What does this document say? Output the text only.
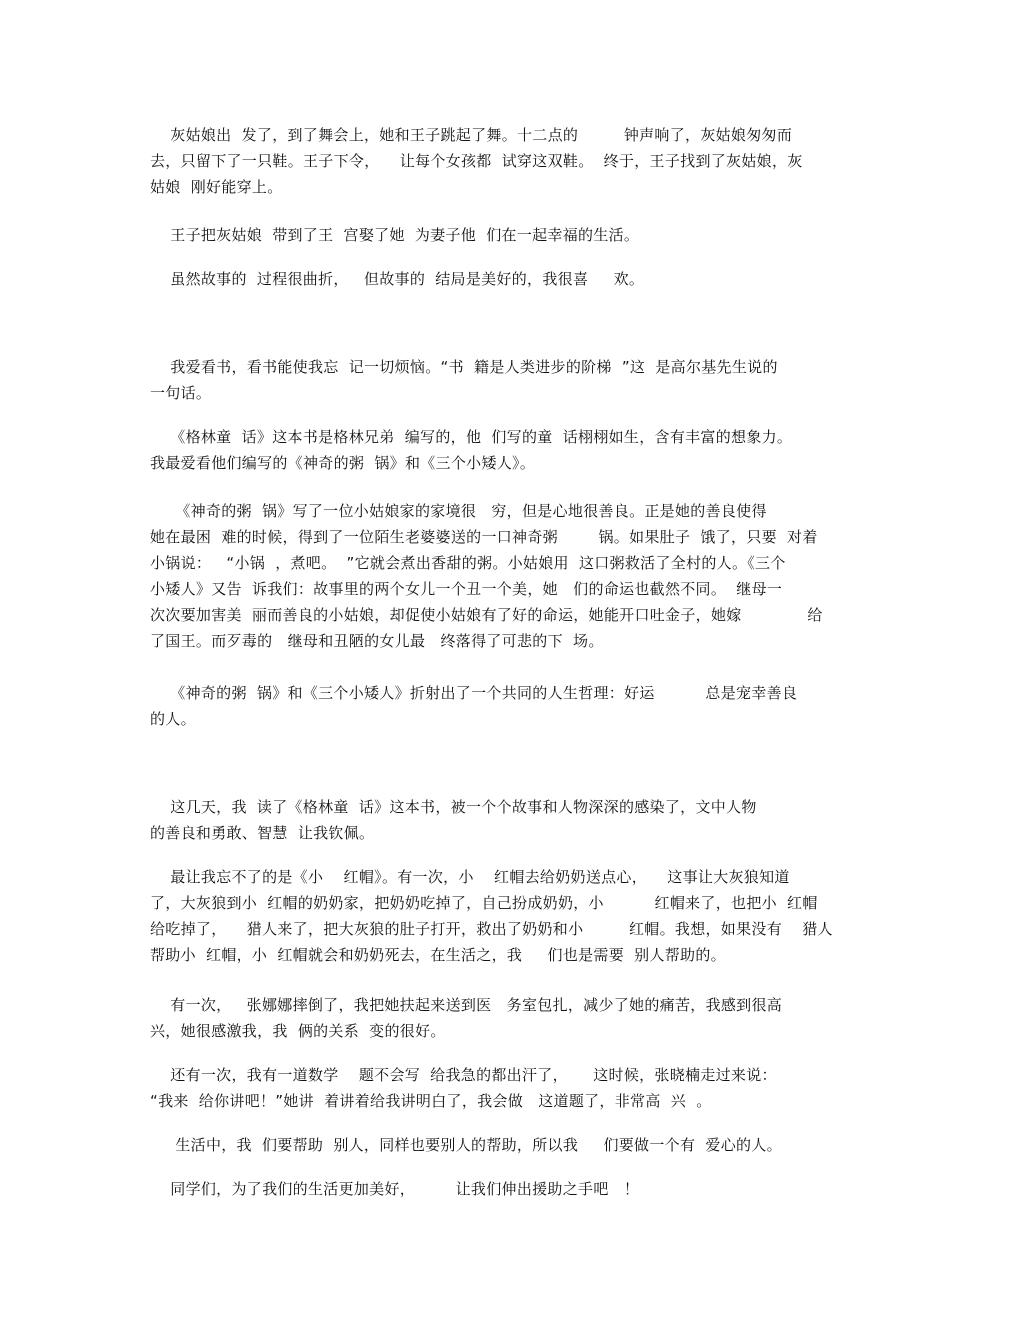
灰姑娘出  发了，到了舞会上，她和王子跳起了舞。十二点的         钟声响了，灰姑娘匆匆而
去，只留下了一只鞋。王子下令，    让每个女孩都  试穿这双鞋。  终于，王子找到了灰姑娘，灰
姑娘  刚好能穿上。
王子把灰姑娘  带到了王  宫娶了她  为妻子他  们在一起幸福的生活。
虽然故事的  过程很曲折，   但故事的  结局是美好的，我很喜     欢。
我爱看书，看书能使我忘  记一切烦恼。“书  籍是人类进步的阶梯  ”这  是高尔基先生说的
一句话。
《格林童  话》这本书是格林兄弟  编写的，他  们写的童  话栩栩如生，含有丰富的想象力。
我最爱看他们编写的《神奇的粥  锅》和《三个小矮人》。
《神奇的粥  锅》写了一位小姑娘家的家境很   穷，但是心地很善良。正是她的善良使得
她在最困  难的时候，得到了一位陌生老婆婆送的一口神奇粥        锅。如果肚子  饿了，只要  对着
小锅说：   “小锅  ，煮吧。  ”它就会煮出香甜的粥。小姑娘用  这口粥救活了全村的人。《三个
小矮人》又告  诉我们：故事里的两个女儿一个丑一个美，她   们的命运也截然不同。  继母一
次次要加害美  丽而善良的小姑娘，却促使小姑娘有了好的命运，她能开口吐金子，她嫁             给
了国王。而歹毒的   继母和丑陋的女儿最   终落得了可悲的下  场。
《神奇的粥  锅》和《三个小矮人》折射出了一个共同的人生哲理：好运          总是宠幸善良
的人。
这几天，我  读了《格林童  话》这本书，被一个个故事和人物深深的感染了，文中人物
的善良和勇敢、智慧  让我钦佩。
最让我忘不了的是《小    红帽》。有一次，小    红帽去给奶奶送点心，    这事让大灰狼知道
了，大灰狼到小  红帽的奶奶家，把奶奶吃掉了，自己扮成奶奶，小          红帽来了，也把小  红帽
给吃掉了，    猎人来了，把大灰狼的肚子打开，救出了奶奶和小         红帽。我想，如果没有    猎人
帮助小  红帽，小  红帽就会和奶奶死去，在生活之，我     们也是需要  别人帮助的。
有一次，   张娜娜摔倒了，我把她扶起来送到医   务室包扎，减少了她的痛苦，我感到很高
兴，她很感激我，我  俩的关系  变的很好。
还有一次，我有一道数学    题不会写  给我急的都出汗了，     这时候，张晓楠走过来说：
“我来  给你讲吧！”她讲  着讲着给我讲明白了，我会做   这道题了，非常高  兴  。
生活中，我  们要帮助  别人，同样也要别人的帮助，所以我     们要做一个有  爱心的人。
同学们，为了我们的生活更加美好，        让我们伸出援助之手吧   ！
